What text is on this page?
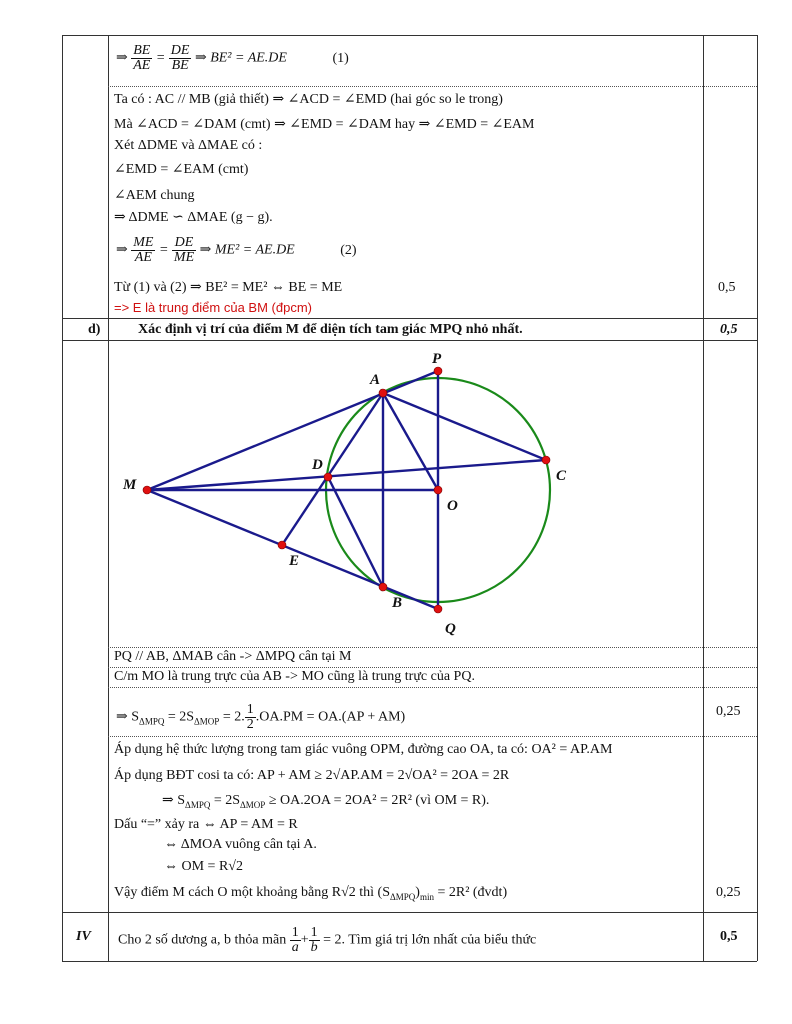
⇒ $\frac{BE}{AE} = \frac{DE}{BE}$ ⇒ BE² = AE.DE	(1)
Ta có : AC // MB (giả thiết) ⇒ ∠ACD = ∠EMD (hai góc so le trong)
Mà ∠ACD = ∠DAM (cmt) ⇒ ∠EMD = ∠DAM hay ⇒ ∠EMD = ∠EAM
Xét ΔDME và ΔMAE có :
∠EMD = ∠EAM (cmt)
∠AEM chung
⇒ ΔDME ∽ ΔMAE (g − g).
⇒ $\frac{ME}{AE} = \frac{DE}{ME}$ ⇒ ME² = AE.DE	(2)
Từ (1) và (2) ⇒ BE² = ME² ⇔ BE = ME
=> E là trung điểm của BM (đpcm)
0,5
d)	Xác định vị trí của điểm M để diện tích tam giác MPQ nhỏ nhất.	0,5
P
A
C
D
M
O
E
B
Q
PQ // AB, ΔMAB cân -> ΔMPQ cân tại M
C/m MO là trung trực của AB -> MO cũng là trung trực của PQ.
⇒ $S_{\Delta MPQ} = 2S_{\Delta MOP} = 2$. $\frac{1}{2} .OA.PM = OA.(AP + AM)$	0,25
Áp dụng hệ thức lượng trong tam giác vuông OPM, đường cao OA, ta có: OA² = AP.AM
Áp dụng BĐT cosi ta có: AP + AM ≥ 2√AP.AM = 2√OA² = 2OA = 2R
⇒ $S_{\Delta MPQ} = 2S_{\Delta MOP} \ge OA.2OA = 2OA^2 = 2R^2$ (vì OM = R).
Dấu “=” xảy ra ⇔ AP = AM = R
⇔ ΔMOA vuông cân tại A.
⇔ OM = R√2
Vậy điểm M cách O một khoảng bằng R√2 thì $(S_{\Delta MPQ})_{min} = 2R^2$ (đvdt)	0,25
IV Cho 2 số dương a, b thỏa mãn $\frac{1}{a} + \frac{1}{b} = 2$. Tìm giá trị lớn nhất của biểu thức	0,5
